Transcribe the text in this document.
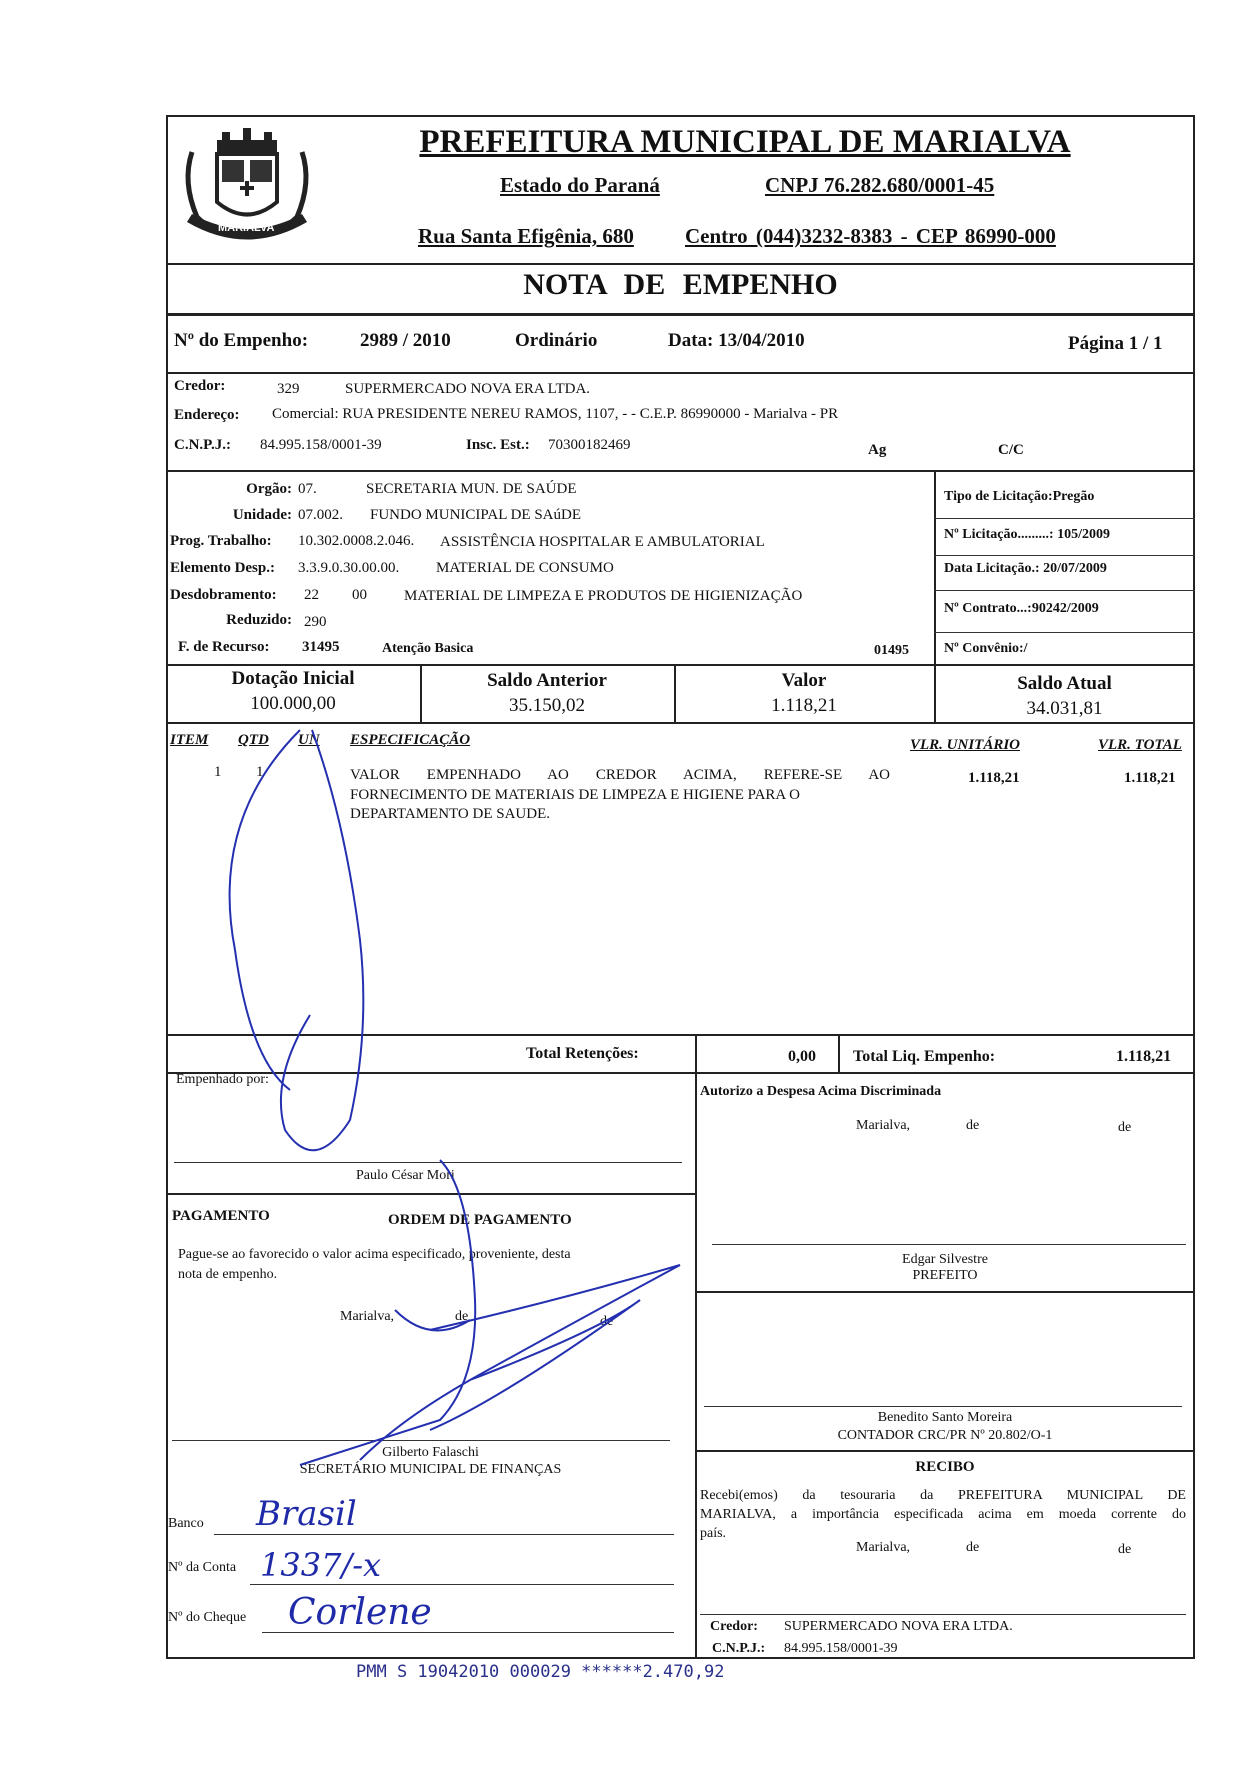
MARIALVA
PREFEITURA MUNICIPAL DE MARIALVA
Estado do Paraná	CNPJ 76.282.680/0001-45
Rua Santa Efigênia, 680 Centro (044)3232-8383 - CEP 86990-000
NOTA DE EMPENHO
Nº do Empenho:	2989 / 2010	Ordinário	Data: 13/04/2010	Página 1 / 1
Credor:	329	SUPERMERCADO NOVA ERA LTDA.
Endereço: Comercial: RUA PRESIDENTE NEREU RAMOS, 1107, - - C.E.P. 86990000 - Marialva - PR
C.N.P.J.: 84.995.158/0001-39	Insc. Est.: 70300182469	Ag	C/C
Orgão: 07.	SECRETARIA MUN. DE SAÚDE
Unidade: 07.002. FUNDO MUNICIPAL DE SAúDE
Prog. Trabalho: 10.302.0008.2.046. ASSISTÊNCIA HOSPITALAR E AMBULATORIAL
Elemento Desp.: 3.3.9.0.30.00.00. MATERIAL DE CONSUMO
Desdobramento: 22 00 MATERIAL DE LIMPEZA E PRODUTOS DE HIGIENIZAÇÃO
Reduzido: 290
F. de Recurso: 31495	Atenção Basica	01495
Tipo de Licitação:Pregão
Nº Licitação.........: 105/2009
Data Licitação.: 20/07/2009
Nº Contrato...:90242/2009
Nº Convênio:/
Dotação Inicial
100.000,00
Saldo Anterior
35.150,02
Valor
1.118,21
Saldo Atual
34.031,81
ITEM QTD UN ESPECIFICAÇÃO	VLR. UNITÁRIO	VLR. TOTAL
1 1	VALOR EMPENHADO AO CREDOR ACIMA, REFERE-SE AO
FORNECIMENTO DE MATERIAIS DE LIMPEZA E HIGIENE PARA O
DEPARTAMENTO DE SAUDE.
1.118,21	1.118,21
Total Retenções:	0,00 Total Liq. Empenho:	1.118,21
Empenhado por:
Paulo César Mori
PAGAMENTO	ORDEM DE PAGAMENTO
Pague-se ao favorecido o valor acima especificado, proveniente, desta
nota de empenho.
Marialva,	de	de
Gilberto Falaschi
SECRETÁRIO MUNICIPAL DE FINANÇAS
Banco Brasil
Nº da Conta 1337/-x
Nº do Cheque Corlene
Autorizo a Despesa Acima Discriminada
Marialva,	de	de
Edgar Silvestre
PREFEITO
Benedito Santo Moreira
CONTADOR CRC/PR Nº 20.802/O-1
RECIBO
Recebi(emos) da tesouraria da PREFEITURA MUNICIPAL DE
MARIALVA, a importância especificada acima em moeda corrente do
país.
Marialva,	de	de
Credor: SUPERMERCADO NOVA ERA LTDA.
C.N.P.J.: 84.995.158/0001-39
PMM S 19042010 000029 ******2.470,92
